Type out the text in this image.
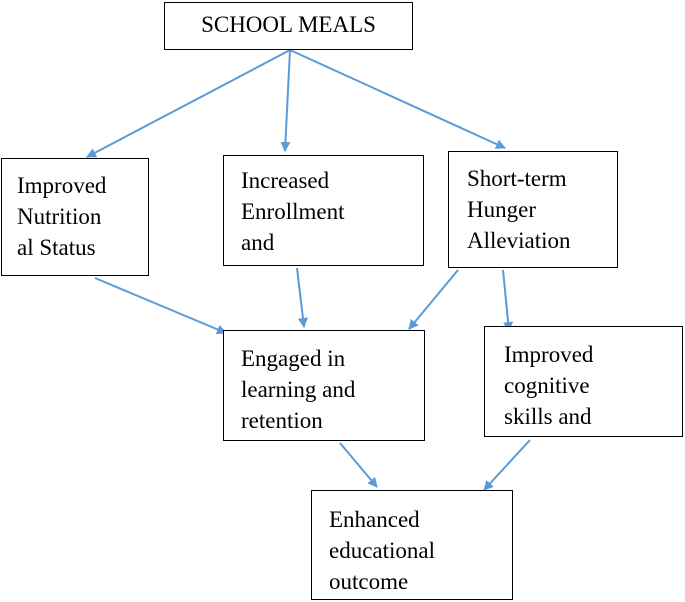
SCHOOL MEALS
Improved
Nutrition
al Status
Increased
Enrollment
and
Short-term
Hunger
Alleviation
Engaged in
learning and
retention
Improved
cognitive
skills and
Enhanced
educational
outcome
